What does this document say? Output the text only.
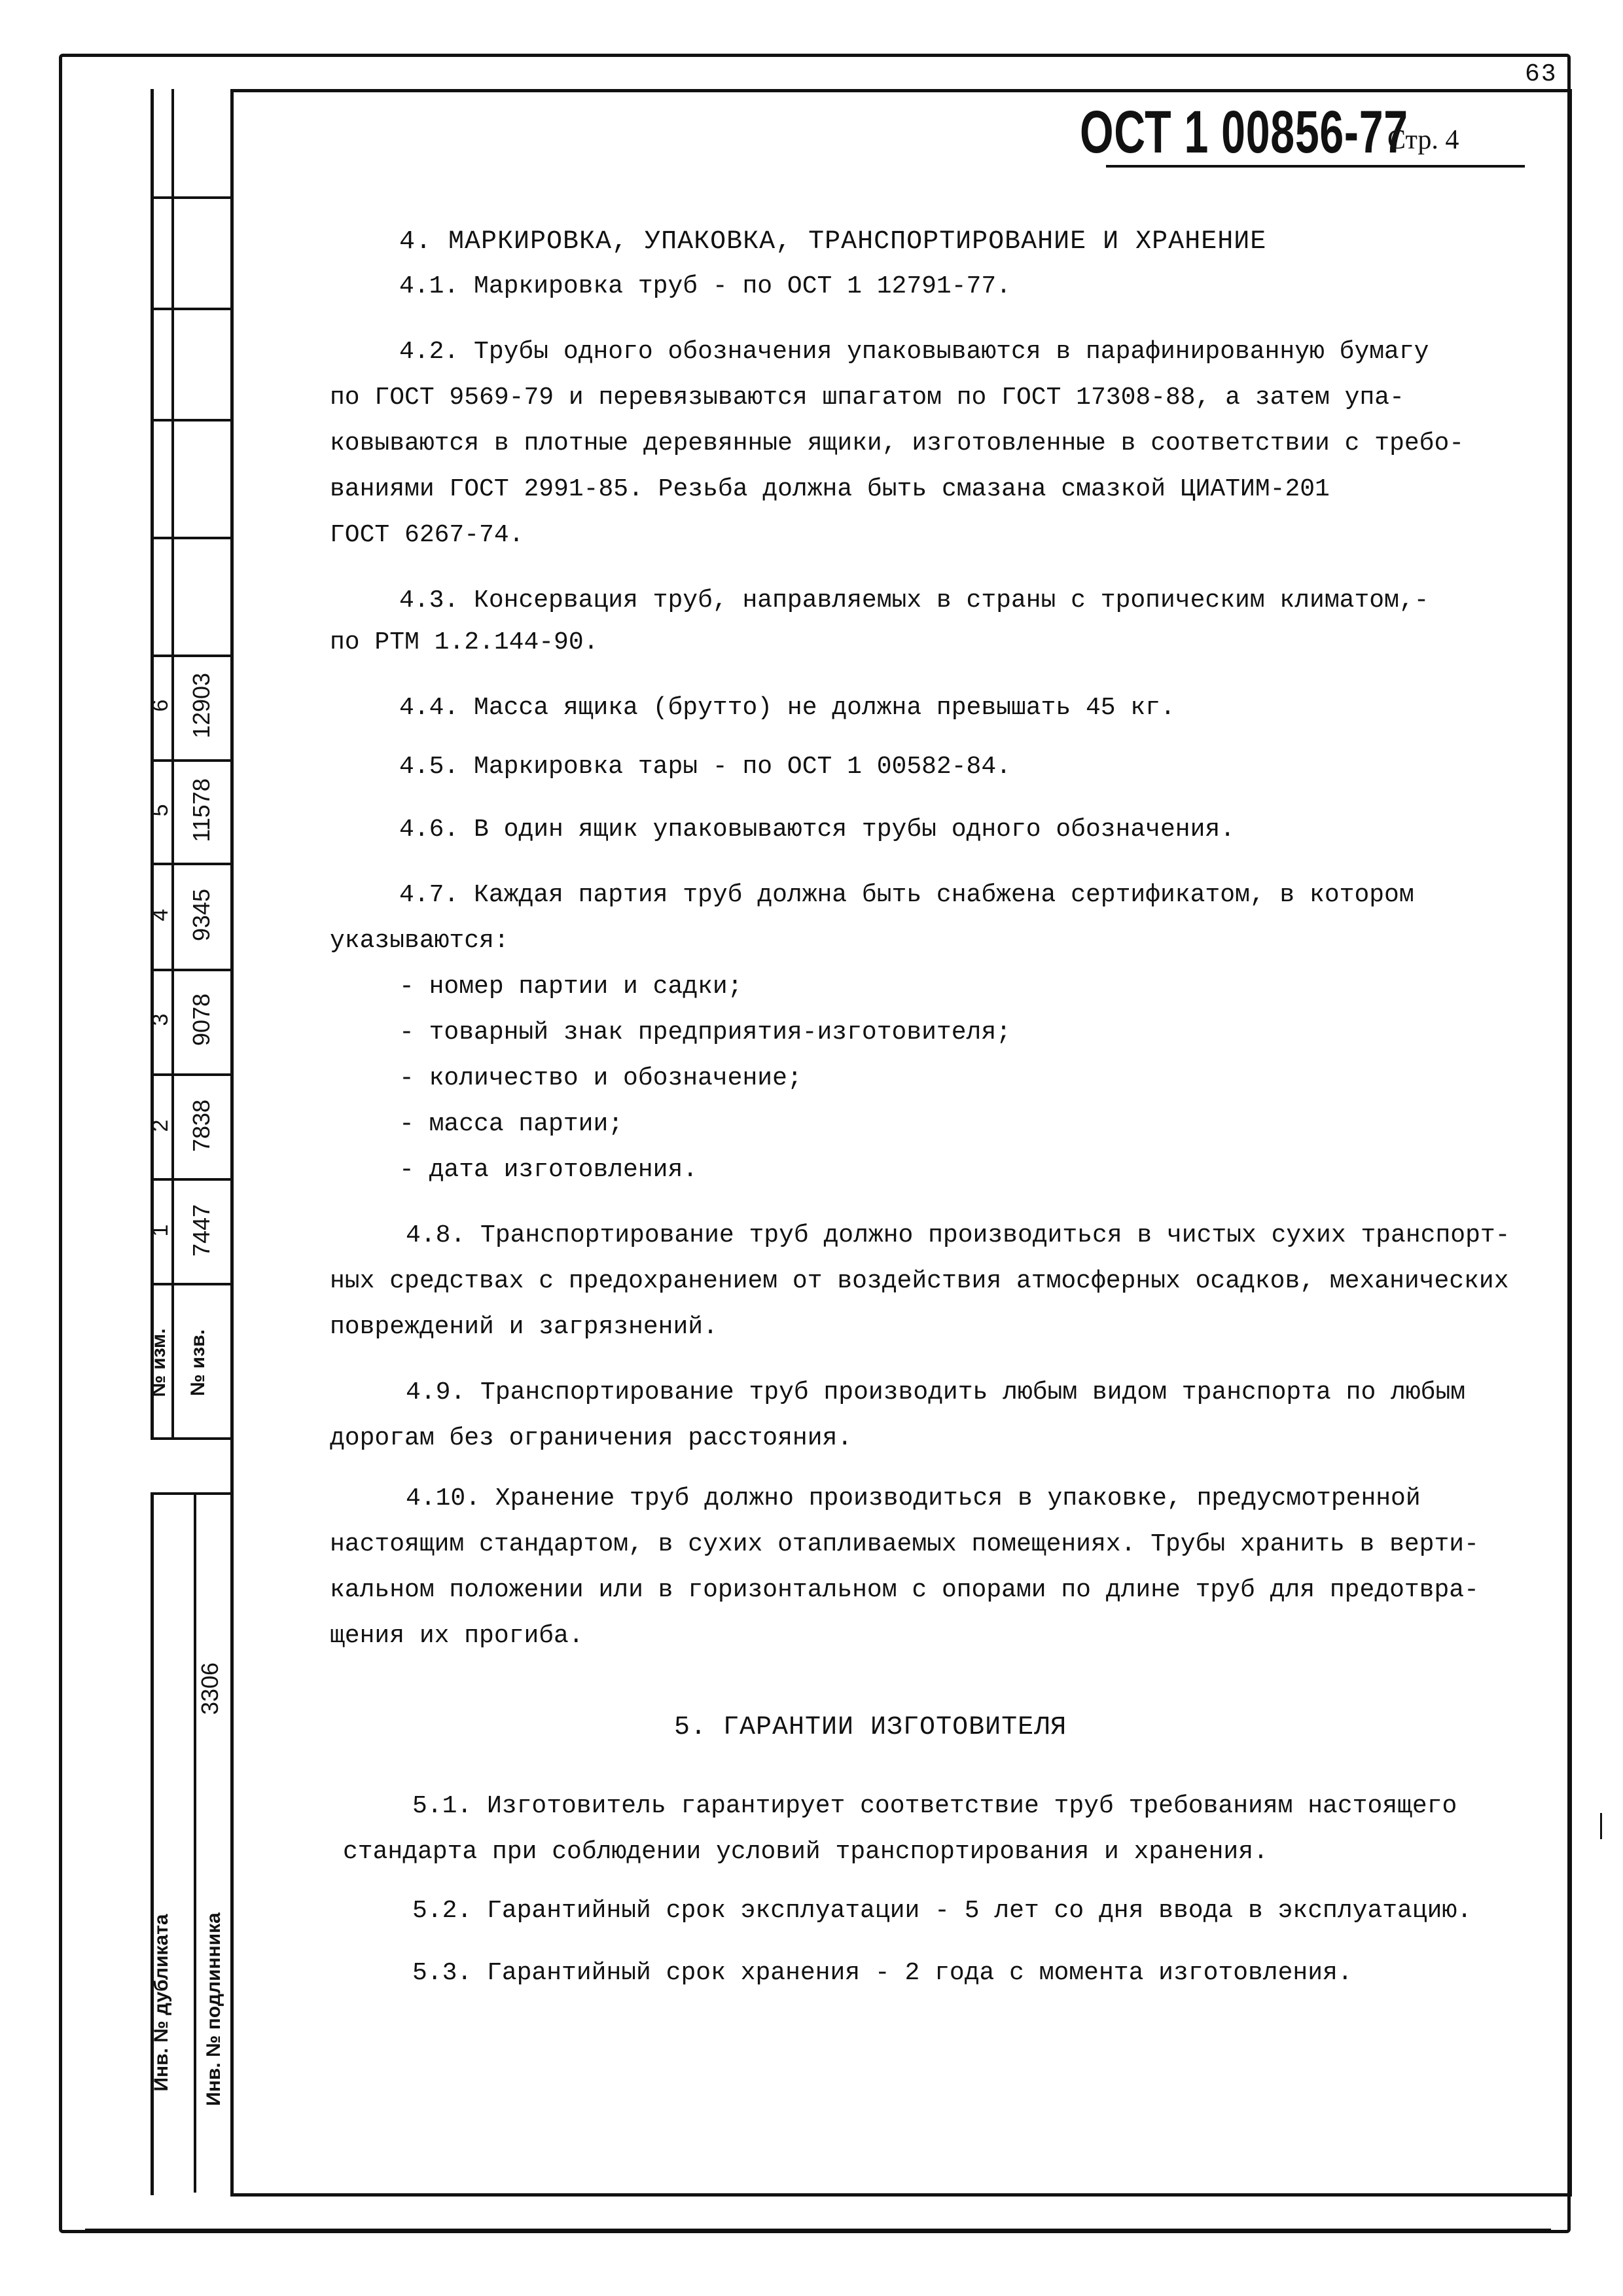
63
ОСТ 1 00856-77
Стр. 4
6
5
4
3
2
1
12903
11578
9345
9078
7838
7447
№ изм. № изв.
Инв. № дубликата Инв. № подлинника
3306
4. МАРКИРОВКА, УПАКОВКА, ТРАНСПОРТИРОВАНИЕ И ХРАНЕНИЕ
4.1. Маркировка труб - по ОСТ 1 12791-77.
4.2. Трубы одного обозначения упаковываются в парафинированную бумагу
по ГОСТ 9569-79 и перевязываются шпагатом по ГОСТ 17308-88, а затем упа-
ковываются в плотные деревянные ящики, изготовленные в соответствии с требо-
ваниями ГОСТ 2991-85. Резьба должна быть смазана смазкой ЦИАТИМ-201
ГОСТ 6267-74.
4.3. Консервация труб, направляемых в страны с тропическим климатом,-
по РТМ 1.2.144-90.
4.4. Масса ящика (брутто) не должна превышать 45 кг.
4.5. Маркировка тары - по ОСТ 1 00582-84.
4.6. В один ящик упаковываются трубы одного обозначения.
4.7. Каждая партия труб должна быть снабжена сертификатом, в котором
указываются:
- номер партии и садки;
- товарный знак предприятия-изготовителя;
- количество и обозначение;
- масса партии;
- дата изготовления.
4.8. Транспортирование труб должно производиться в чистых сухих транспорт-
ных средствах с предохранением от воздействия атмосферных осадков, механических
повреждений и загрязнений.
4.9. Транспортирование труб производить любым видом транспорта по любым
дорогам без ограничения расстояния.
4.10. Хранение труб должно производиться в упаковке, предусмотренной
настоящим стандартом, в сухих отапливаемых помещениях. Трубы хранить в верти-
кальном положении или в горизонтальном с опорами по длине труб для предотвра-
щения их прогиба.
5. ГАРАНТИИ ИЗГОТОВИТЕЛЯ
5.1. Изготовитель гарантирует соответствие труб требованиям настоящего
стандарта при соблюдении условий транспортирования и хранения.
5.2. Гарантийный срок эксплуатации - 5 лет со дня ввода в эксплуатацию.
5.3. Гарантийный срок хранения - 2 года с момента изготовления.
